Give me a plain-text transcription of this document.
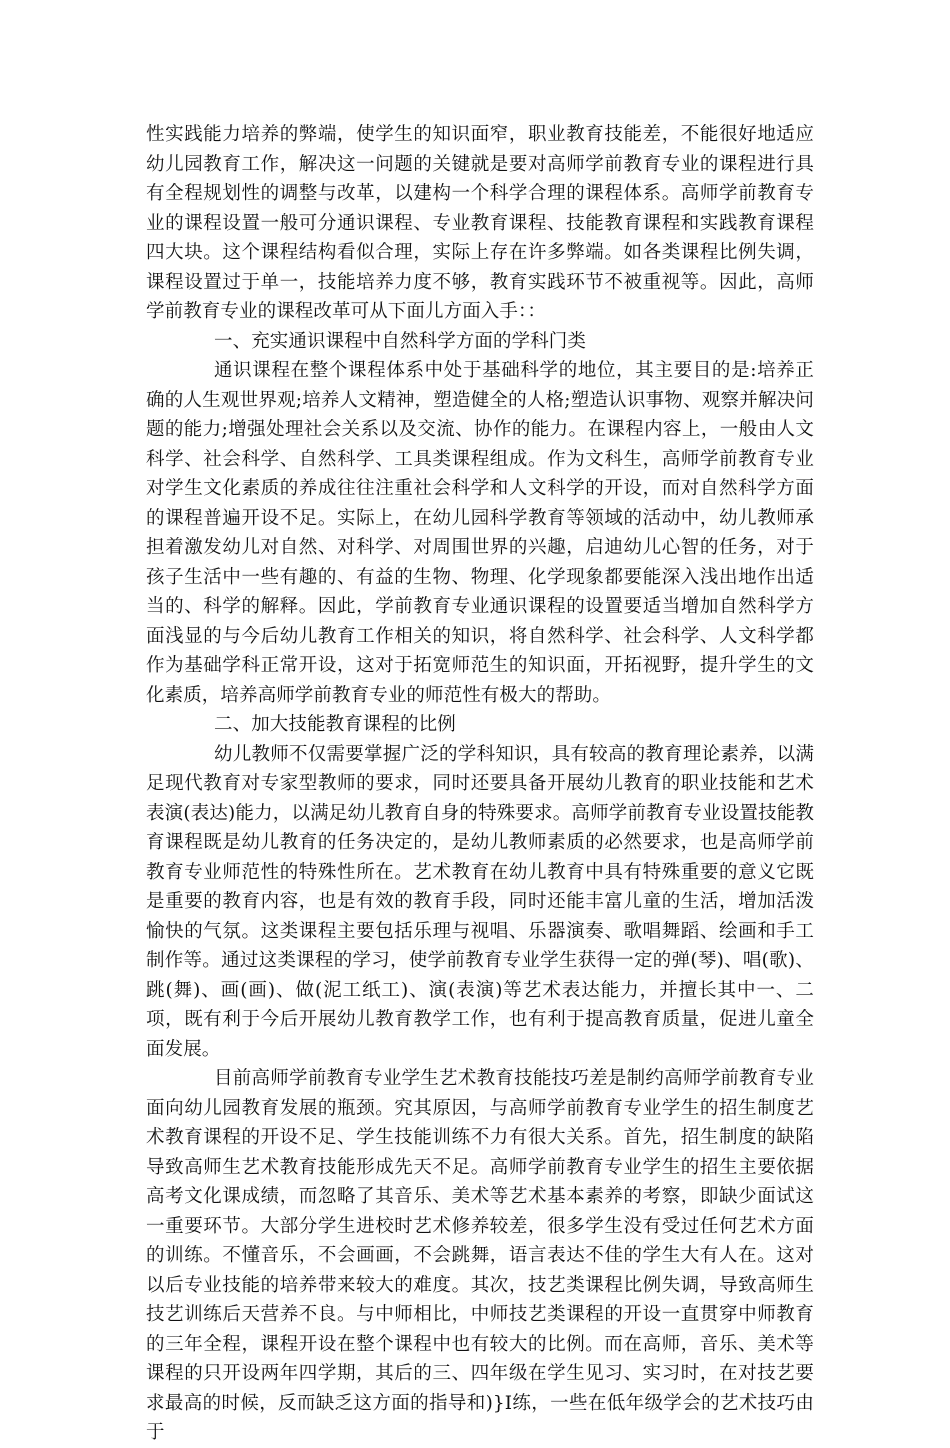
性实践能力培养的弊端，使学生的知识面窄，职业教育技能差，不能很好地适应幼儿园教育工作，解决这一问题的关键就是要对高师学前教育专业的课程进行具有全程规划性的调整与改革，以建构一个科学合理的课程体系。高师学前教育专业的课程设置一般可分通识课程、专业教育课程、技能教育课程和实践教育课程四大块。这个课程结构看似合理，实际上存在许多弊端。如各类课程比例失调，课程设置过于单一，技能培养力度不够，教育实践环节不被重视等。因此，高师学前教育专业的课程改革可从下面儿方面入手：：

一、充实通识课程中自然科学方面的学科门类

通识课程在整个课程体系中处于基础科学的地位，其主要目的是:培养正确的人生观世界观;培养人文精神，塑造健全的人格;塑造认识事物、观察并解决问题的能力;增强处理社会关系以及交流、协作的能力。在课程内容上，一般由人文科学、社会科学、自然科学、工具类课程组成。作为文科生，高师学前教育专业对学生文化素质的养成往往注重社会科学和人文科学的开设，而对自然科学方面的课程普遍开设不足。实际上，在幼儿园科学教育等领域的活动中，幼儿教师承担着激发幼儿对自然、对科学、对周围世界的兴趣，启迪幼儿心智的任务，对于孩子生活中一些有趣的、有益的生物、物理、化学现象都要能深入浅出地作出适当的、科学的解释。因此，学前教育专业通识课程的设置要适当增加自然科学方面浅显的与今后幼儿教育工作相关的知识，将自然科学、社会科学、人文科学都作为基础学科正常开设，这对于拓宽师范生的知识面，开拓视野，提升学生的文化素质，培养高师学前教育专业的师范性有极大的帮助。

二、加大技能教育课程的比例

幼儿教师不仅需要掌握广泛的学科知识，具有较高的教育理论素养，以满足现代教育对专家型教师的要求，同时还要具备开展幼儿教育的职业技能和艺术表演(表达)能力，以满足幼儿教育自身的特殊要求。高师学前教育专业设置技能教育课程既是幼儿教育的任务决定的，是幼儿教师素质的必然要求，也是高师学前教育专业师范性的特殊性所在。艺术教育在幼儿教育中具有特殊重要的意义它既是重要的教育内容，也是有效的教育手段，同时还能丰富儿童的生活，增加活泼愉快的气氛。这类课程主要包括乐理与视唱、乐器演奏、歌唱舞蹈、绘画和手工制作等。通过这类课程的学习，使学前教育专业学生获得一定的弹(琴)、唱(歌)、跳(舞)、画(画)、做(泥工纸工)、演(表演)等艺术表达能力，并擅长其中一、二项，既有利于今后开展幼儿教育教学工作，也有利于提高教育质量，促进儿童全面发展。

目前高师学前教育专业学生艺术教育技能技巧差是制约高师学前教育专业面向幼儿园教育发展的瓶颈。究其原因，与高师学前教育专业学生的招生制度艺术教育课程的开设不足、学生技能训练不力有很大关系。首先，招生制度的缺陷导致高师生艺术教育技能形成先天不足。高师学前教育专业学生的招生主要依据高考文化课成绩，而忽略了其音乐、美术等艺术基本素养的考察，即缺少面试这一重要环节。大部分学生进校时艺术修养较差，很多学生没有受过任何艺术方面的训练。不懂音乐，不会画画，不会跳舞，语言表达不佳的学生大有人在。这对以后专业技能的培养带来较大的难度。其次，技艺类课程比例失调，导致高师生技艺训练后天营养不良。与中师相比，中师技艺类课程的开设一直贯穿中师教育的三年全程，课程开设在整个课程中也有较大的比例。而在高师，音乐、美术等课程的只开设两年四学期，其后的三、四年级在学生见习、实习时，在对技艺要求最高的时候，反而缺乏这方面的指导和)}I练，一些在低年级学会的艺术技巧由于
